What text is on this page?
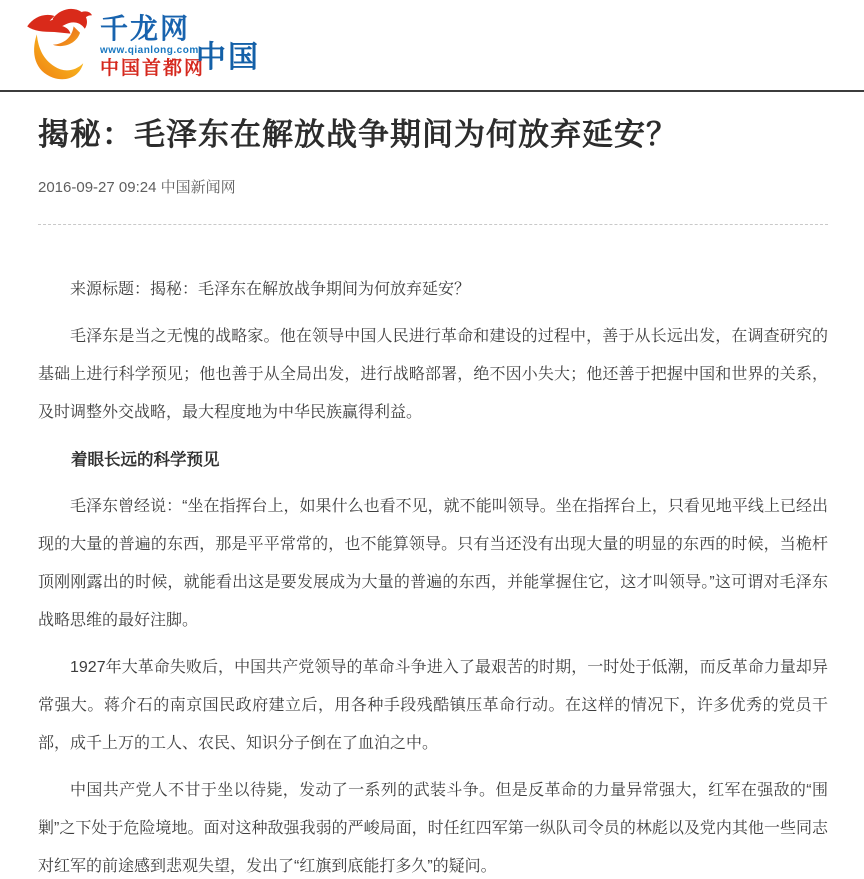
千龙网
www.qianlong.com
中国首都网
中国
揭秘：毛泽东在解放战争期间为何放弃延安？
2016-09-27 09:24 中国新闻网

来源标题：揭秘：毛泽东在解放战争期间为何放弃延安？

毛泽东是当之无愧的战略家。他在领导中国人民进行革命和建设的过程中，善于从长远出发，在调查研究的基础上进行科学预见；他也善于从全局出发，进行战略部署，绝不因小失大；他还善于把握中国和世界的关系，及时调整外交战略，最大程度地为中华民族赢得利益。

着眼长远的科学预见

毛泽东曾经说：“坐在指挥台上，如果什么也看不见，就不能叫领导。坐在指挥台上，只看见地平线上已经出现的大量的普遍的东西，那是平平常常的，也不能算领导。只有当还没有出现大量的明显的东西的时候，当桅杆顶刚刚露出的时候，就能看出这是要发展成为大量的普遍的东西，并能掌握住它，这才叫领导。”这可谓对毛泽东战略思维的最好注脚。

1927年大革命失败后，中国共产党领导的革命斗争进入了最艰苦的时期，一时处于低潮，而反革命力量却异常强大。蒋介石的南京国民政府建立后，用各种手段残酷镇压革命行动。在这样的情况下，许多优秀的党员干部，成千上万的工人、农民、知识分子倒在了血泊之中。

中国共产党人不甘于坐以待毙，发动了一系列的武装斗争。但是反革命的力量异常强大，红军在强敌的“围剿”之下处于危险境地。面对这种敌强我弱的严峻局面，时任红四军第一纵队司令员的林彪以及党内其他一些同志对红军的前途感到悲观失望，发出了“红旗到底能打多久”的疑问。
